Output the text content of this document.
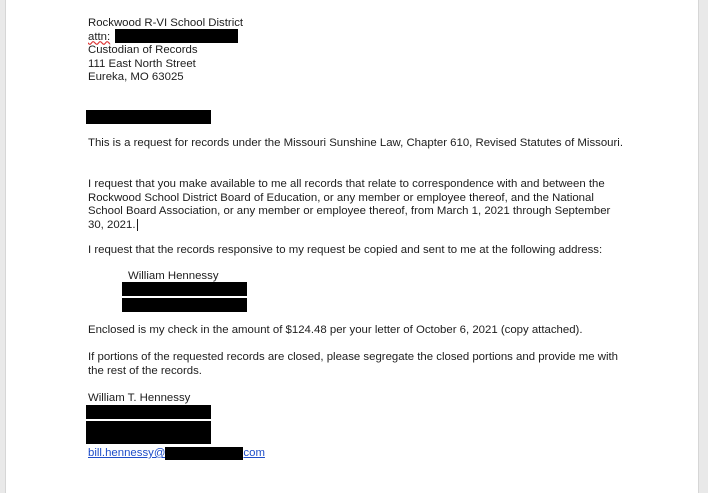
Rockwood R-VI School District
attn:
Custodian of Records
111 East North Street
Eureka, MO 63025
This is a request for records under the Missouri Sunshine Law, Chapter 610, Revised Statutes of Missouri.
I request that you make available to me all records that relate to correspondence with and between the Rockwood School District Board of Education, or any member or employee thereof, and the National School Board Association, or any member or employee thereof, from March 1, 2021 through September 30, 2021.
I request that the records responsive to my request be copied and sent to me at the following address:
William Hennessy
Enclosed is my check in the amount of $124.48 per your letter of October 6, 2021 (copy attached).
If portions of the requested records are closed, please segregate the closed portions and provide me with the rest of the records.
William T. Hennessy
bill.hennessy@	com
